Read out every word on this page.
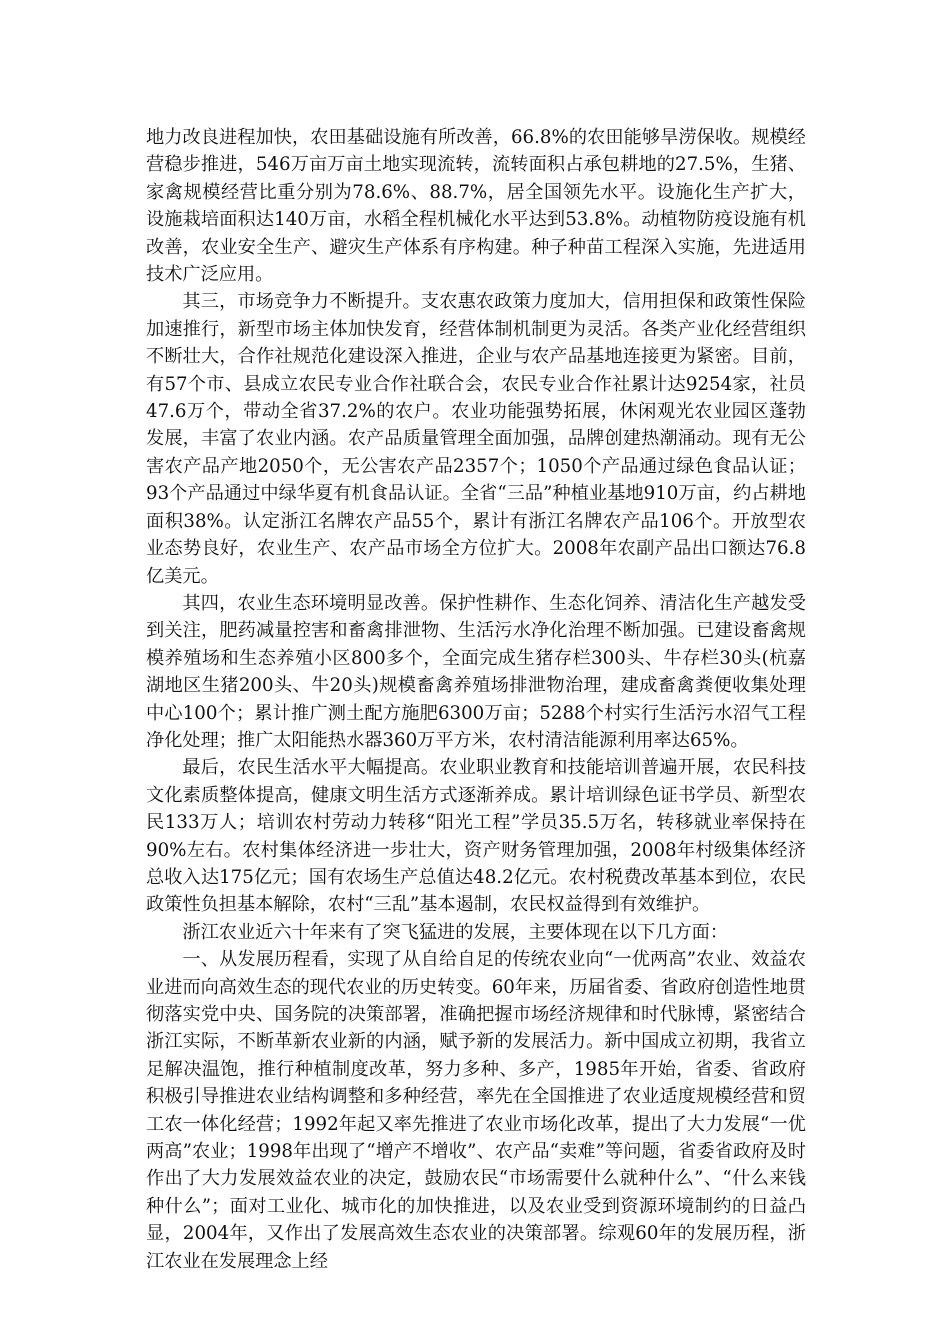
地力改良进程加快，农田基础设施有所改善，66.8%的农田能够旱涝保收。规模经营稳步推进，546万亩万亩土地实现流转，流转面积占承包耕地的27.5%，生猪、家禽规模经营比重分别为78.6%、88.7%，居全国领先水平。设施化生产扩大，设施栽培面积达140万亩，水稻全程机械化水平达到53.8%。动植物防疫设施有机改善，农业安全生产、避灾生产体系有序构建。种子种苗工程深入实施，先进适用技术广泛应用。

其三，市场竞争力不断提升。支农惠农政策力度加大，信用担保和政策性保险加速推行，新型市场主体加快发育，经营体制机制更为灵活。各类产业化经营组织不断壮大，合作社规范化建设深入推进，企业与农产品基地连接更为紧密。目前，有57个市、县成立农民专业合作社联合会，农民专业合作社累计达9254家，社员47.6万个，带动全省37.2%的农户。农业功能强势拓展，休闲观光农业园区蓬勃发展，丰富了农业内涵。农产品质量管理全面加强，品牌创建热潮涌动。现有无公害农产品产地2050个，无公害农产品2357个；1050个产品通过绿色食品认证；93个产品通过中绿华夏有机食品认证。全省“三品”种植业基地910万亩，约占耕地面积38%。认定浙江名牌农产品55个，累计有浙江名牌农产品106个。开放型农业态势良好，农业生产、农产品市场全方位扩大。2008年农副产品出口额达76.8亿美元。

其四，农业生态环境明显改善。保护性耕作、生态化饲养、清洁化生产越发受到关注，肥药减量控害和畜禽排泄物、生活污水净化治理不断加强。已建设畜禽规模养殖场和生态养殖小区800多个，全面完成生猪存栏300头、牛存栏30头(杭嘉湖地区生猪200头、牛20头)规模畜禽养殖场排泄物治理，建成畜禽粪便收集处理中心100个；累计推广测土配方施肥6300万亩；5288个村实行生活污水沼气工程净化处理；推广太阳能热水器360万平方米，农村清洁能源利用率达65%。

最后，农民生活水平大幅提高。农业职业教育和技能培训普遍开展，农民科技文化素质整体提高，健康文明生活方式逐渐养成。累计培训绿色证书学员、新型农民133万人；培训农村劳动力转移“阳光工程”学员35.5万名，转移就业率保持在90%左右。农村集体经济进一步壮大，资产财务管理加强，2008年村级集体经济总收入达175亿元；国有农场生产总值达48.2亿元。农村税费改革基本到位，农民政策性负担基本解除，农村“三乱”基本遏制，农民权益得到有效维护。

浙江农业近六十年来有了突飞猛进的发展，主要体现在以下几方面：

一、从发展历程看，实现了从自给自足的传统农业向“一优两高”农业、效益农业进而向高效生态的现代农业的历史转变。60年来，历届省委、省政府创造性地贯彻落实党中央、国务院的决策部署，准确把握市场经济规律和时代脉博，紧密结合浙江实际，不断革新农业新的内涵，赋予新的发展活力。新中国成立初期，我省立足解决温饱，推行种植制度改革，努力多种、多产，1985年开始，省委、省政府积极引导推进农业结构调整和多种经营，率先在全国推进了农业适度规模经营和贸工农一体化经营；1992年起又率先推进了农业市场化改革，提出了大力发展“一优两高”农业；1998年出现了“增产不增收”、农产品“卖难”等问题，省委省政府及时作出了大力发展效益农业的决定，鼓励农民“市场需要什么就种什么”、“什么来钱种什么”；面对工业化、城市化的加快推进，以及农业受到资源环境制约的日益凸显，2004年，又作出了发展高效生态农业的决策部署。综观60年的发展历程，浙江农业在发展理念上经
